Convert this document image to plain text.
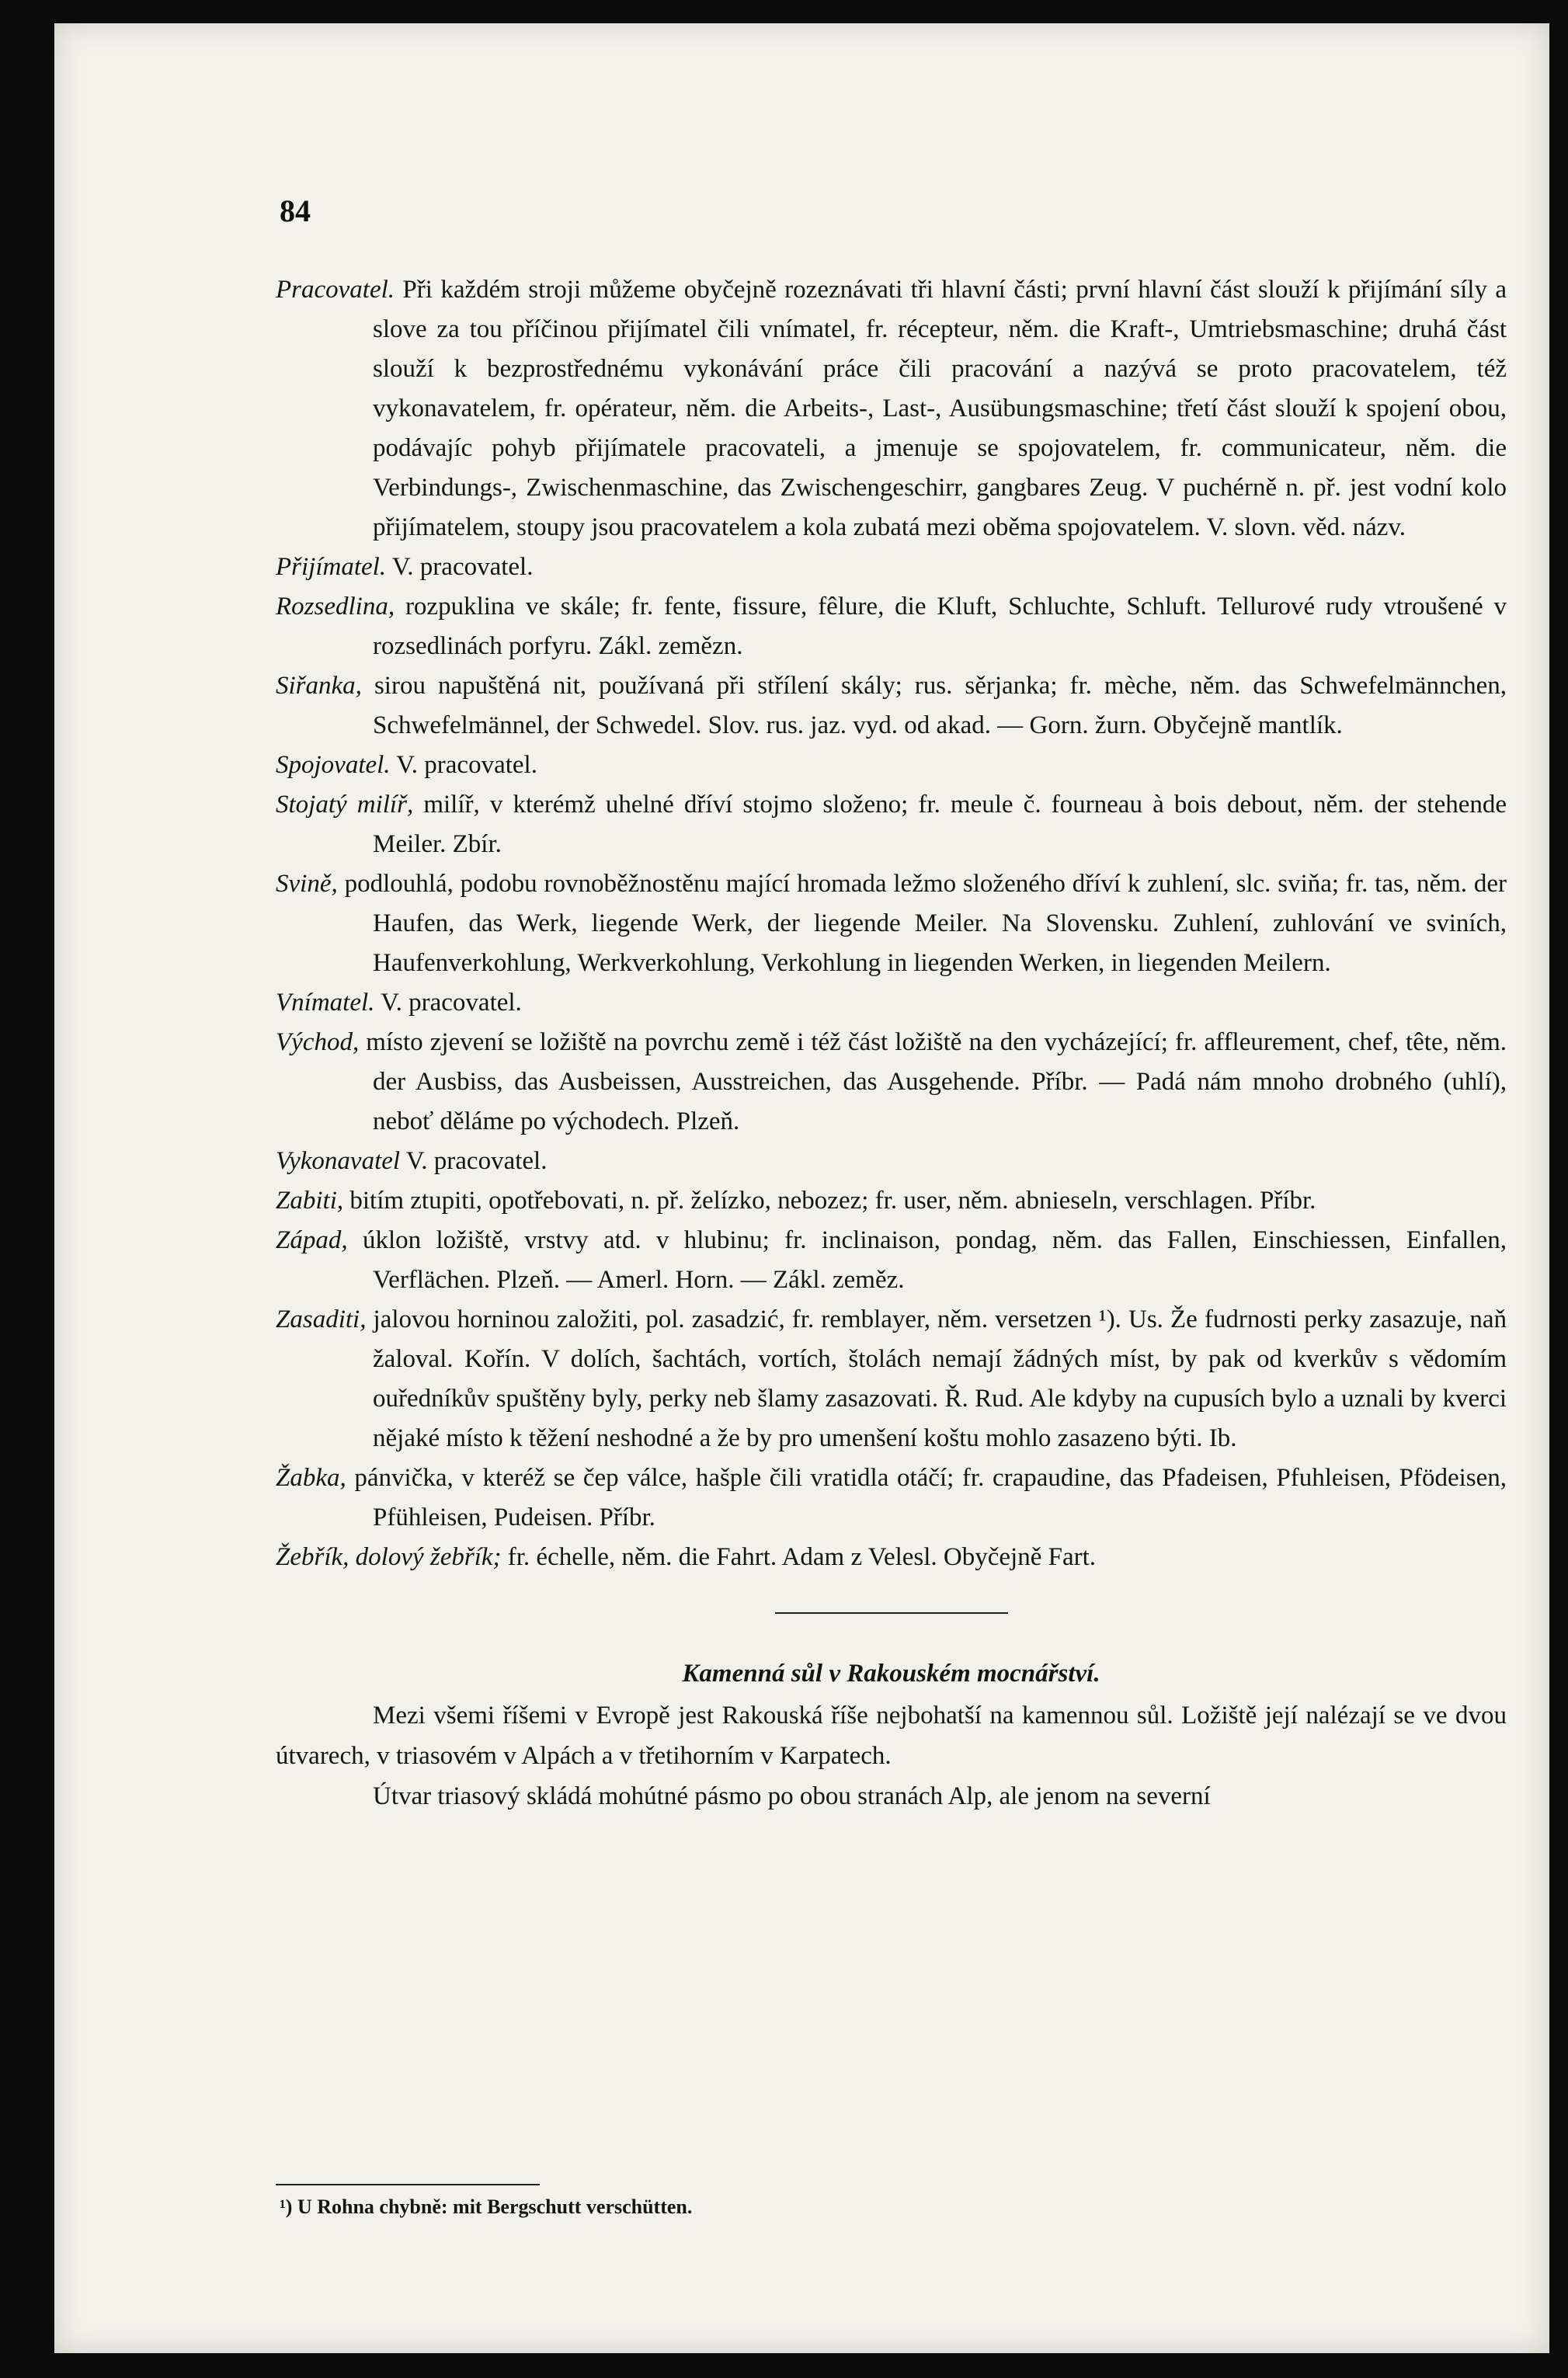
84

Pracovatel. Při každém stroji můžeme obyčejně rozeznávati tři hlavní části; první hlavní část slouží k přijímání síly a slove za tou příčinou přijímatel čili vnímatel, fr. récepteur, něm. die Kraft-, Umtriebsmaschine; druhá část slouží k bezprostřednému vykonávání práce čili pracování a nazývá se proto pracovatelem, též vykonavatelem, fr. opérateur, něm. die Arbeits-, Last-, Ausübungsmaschine; třetí část slouží k spojení obou, podávajíc pohyb přijímatele pracovateli, a jmenuje se spojovatelem, fr. communicateur, něm. die Verbindungs-, Zwischenmaschine, das Zwischengeschirr, gangbares Zeug. V puchérně n. př. jest vodní kolo přijímatelem, stoupy jsou pracovatelem a kola zubatá mezi oběma spojovatelem. V. slovn. věd. názv.

Přijímatel. V. pracovatel.

Rozsedlina, rozpuklina ve skále; fr. fente, fissure, fêlure, die Kluft, Schluchte, Schluft. Tellurové rudy vtroušené v rozsedlinách porfyru. Zákl. zemězn.

Siřanka, sirou napuštěná nit, používaná při střílení skály; rus. sěrjanka; fr. mèche, něm. das Schwefelmännchen, Schwefelmännel, der Schwedel. Slov. rus. jaz. vyd. od akad. — Gorn. žurn. Obyčejně mantlík.

Spojovatel. V. pracovatel.

Stojatý milíř, milíř, v kterémž uhelné dříví stojmo složeno; fr. meule č. fourneau à bois debout, něm. der stehende Meiler. Zbír.

Svině, podlouhlá, podobu rovnoběžnostěnu mající hromada ležmo složeného dříví k zuhlení, slc. sviňa; fr. tas, něm. der Haufen, das Werk, liegende Werk, der liegende Meiler. Na Slovensku. Zuhlení, zuhlování ve sviních, Haufenverkohlung, Werkverkohlung, Verkohlung in liegenden Werken, in liegenden Meilern.

Vnímatel. V. pracovatel.

Východ, místo zjevení se ložiště na povrchu země i též část ložiště na den vycházející; fr. affleurement, chef, tête, něm. der Ausbiss, das Ausbeissen, Ausstreichen, das Ausgehende. Příbr. — Padá nám mnoho drobného (uhlí), neboť děláme po východech. Plzeň.

Vykonavatel V. pracovatel.

Zabiti, bitím ztupiti, opotřebovati, n. př. želízko, nebozez; fr. user, něm. abnieseln, verschlagen. Příbr.

Západ, úklon ložiště, vrstvy atd. v hlubinu; fr. inclinaison, pondag, něm. das Fallen, Einschiessen, Einfallen, Verflächen. Plzeň. — Amerl. Horn. — Zákl. zeměz.

Zasaditi, jalovou horninou založiti, pol. zasadzić, fr. remblayer, něm. versetzen ¹). Us. Že fudrnosti perky zasazuje, naň žaloval. Kořín. V dolích, šachtách, vortích, štolách nemají žádných míst, by pak od kverkův s vědomím ouředníkův spuštěny byly, perky neb šlamy zasazovati. Ř. Rud. Ale kdyby na cupusích bylo a uznali by kverci nějaké místo k těžení neshodné a že by pro umenšení koštu mohlo zasazeno býti. Ib.

Žabka, pánvička, v kteréž se čep válce, hašple čili vratidla otáčí; fr. crapaudine, das Pfadeisen, Pfuhleisen, Pfödeisen, Pfühleisen, Pudeisen. Příbr.

Žebřík, dolový žebřík; fr. échelle, něm. die Fahrt. Adam z Velesl. Obyčejně Fart.

Kamenná sůl v Rakouském mocnářství.

Mezi všemi říšemi v Evropě jest Rakouská říše nejbohatší na kamennou sůl. Ložiště její nalézají se ve dvou útvarech, v triasovém v Alpách a v třetihorním v Karpatech.

Útvar triasový skládá mohútné pásmo po obou stranách Alp, ale jenom na severní

¹) U Rohna chybně: mit Bergschutt verschütten.
